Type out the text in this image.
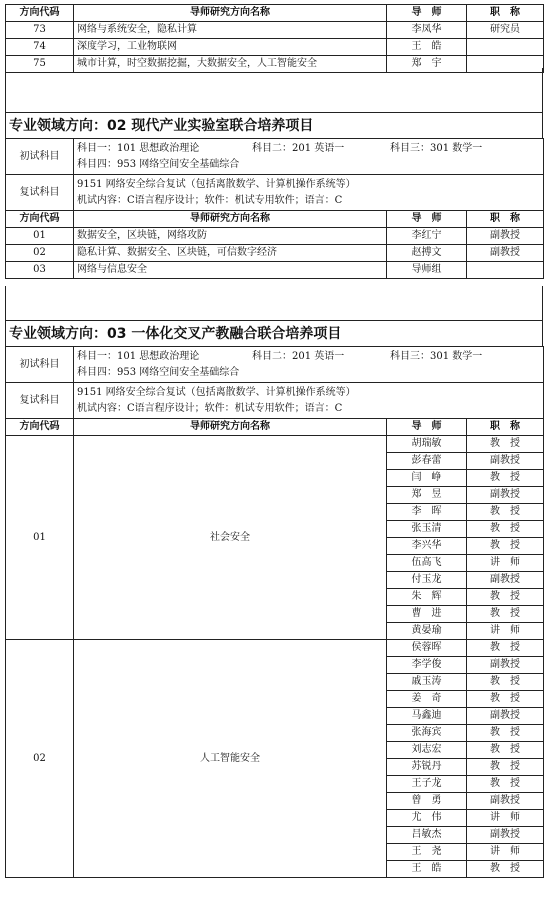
方向代码	导师研究方向名称	导　师	职　称
73	网络与系统安全，隐私计算	李凤华	研究员
74	深度学习，工业物联网	王　皓	
75	城市计算，时空数据挖掘，大数据安全，人工智能安全	郑　宇	
专业领域方向：02 现代产业实验室联合培养项目
初试科目	科目一：101 思想政治理论 科目二：201 英语一 科目三：301 数学一
科目四：953 网络空间安全基础综合		

复试科目	9151 网络安全综合复试（包括离散数学、计算机操作系统等）
机试内容：C语言程序设计；软件：机试专用软件；语言：C		

方向代码	导师研究方向名称	导　师	职　称
01	数据安全，区块链，网络攻防	李红宁	副教授
02	隐私计算、数据安全、区块链，可信数字经济	赵搏文	副教授
03	网络与信息安全	导师组	
专业领域方向：03 一体化交叉产教融合联合培养项目
初试科目	科目一：101 思想政治理论 科目二：201 英语一 科目三：301 数学一
科目四：953 网络空间安全基础综合		

复试科目	9151 网络安全综合复试（包括离散数学、计算机操作系统等）
机试内容：C语言程序设计；软件：机试专用软件；语言：C		

方向代码	导师研究方向名称	导　师	职　称
01	社会安全	胡瑞敏	教　授
		彭春蕾	副教授
		闫　峥	教　授
		郑　昱	副教授
		李　晖	教　授
		张玉清	教　授
		李兴华	教　授
		伍高飞	讲　师
		付玉龙	副教授
		朱　辉	教　授
		曹　进	教　授
		黄晏瑜	讲　师
02	人工智能安全	侯蓉晖	教　授
		李学俊	副教授
		戚玉涛	教　授
		姜　奇	教　授
		马鑫迪	副教授
		张海宾	教　授
		刘志宏	教　授
		苏锐丹	教　授
		王子龙	教　授
		曾　勇	副教授
		尤　伟	讲　师
		吕敏杰	副教授
		王　尧	讲　师
		王　皓	教　授
